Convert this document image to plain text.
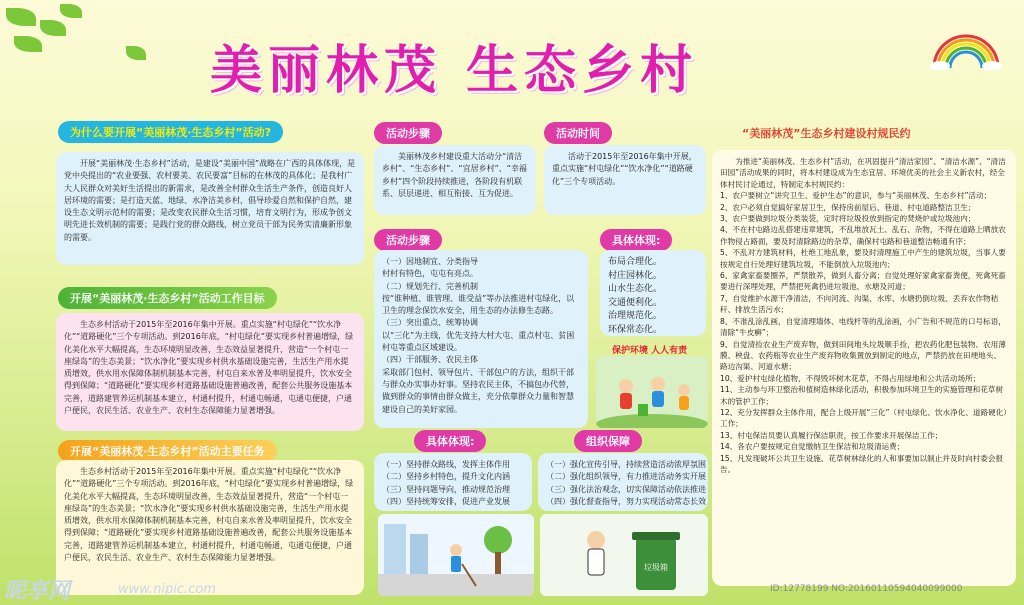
美丽林茂 生态乡村
为什么要开展“美丽林茂·生态乡村”活动?
开展“美丽林茂·生态乡村”活动，是建设“美丽中国”战略在广西的具体体现，是党中央提出的“农业要强、农村要美、农民要富”目标的在林茂的具体化；是我村广大人民群众对美好生活提出的新需求，是改善全村群众生活生产条件，创造良好人居环境的需要；是打造天蓝、地绿、水净洁美乡村，倡导珍爱自然和保护自然，建设生态文明示范村的需要；是改变农民群众生活习惯，培育文明行为，形成争创文明先进长效机制的需要；是践行党的群众路线，树立党员干部为民务实清廉新形象的需要。
开展“美丽林茂·生态乡村”活动工作目标
生态乡村活动于2015年至2016年集中开展。重点实施“村屯绿化”“饮水净化”“道路硬化”三个专项活动。到2016年底，“村屯绿化”要实现乡村普遍增绿，绿化美化水平大幅提高，生态环境明显改善，生态效益显著提升，营造“一个村屯一座绿岛”的生态美景；“饮水净化”要实现乡村供水基础设施完善，生活生产用水提质增效，供水用水保障体制机制基本完善，村屯自来水普及率明显提升，饮水安全得到保障；“道路硬化”要实现乡村道路基础设施普遍改善，配套公共服务设施基本完善，道路建管养运机制基本建立，村通村提升，村通屯畅通，屯通屯便捷，户通户便民，农民生活、农业生产、农村生态保障能力显著增强。
开展“美丽林茂·生态乡村”活动主要任务
生态乡村活动于2015年至2016年集中开展。重点实施“村屯绿化”“饮水净化”“道路硬化”三个专项活动。到2016年底，“村屯绿化”要实现乡村普遍增绿，绿化美化水平大幅提高，生态环境明显改善，生态效益显著提升，营造“一个村屯一座绿岛”的生态美景；“饮水净化”要实现乡村供水基础设施完善，生活生产用水提质增效，供水用水保障体制机制基本完善，村屯自来水普及率明显提升，饮水安全得到保障；“道路硬化”要实现乡村道路基础设施普遍改善，配套公共服务设施基本完善，道路建管养运机制基本建立，村通村提升，村通屯畅通，屯通屯便捷，户通户便民，农民生活、农业生产、农村生态保障能力显著增强。
活动步骤
美丽林茂乡村建设重大活动分“清洁乡村”、“生态乡村”、“宜居乡村”、“幸福乡村”四个阶段持续推进，各阶段有机联系、层层递进、相互衔接、互为促进。
活动时间
活动于2015年至2016年集中开展，重点实施“村屯绿化”“饮水净化”“道路硬化”三个专项活动。
活动步骤
（一）因地制宜、分类指导
村村有特色，屯屯有亮点。
（二）规划先行、完善机制
按“谁种植、谁管理、谁受益”等办法推进村屯绿化，以卫生的理念保饮水安全，用生态的办法修生态路。
（三）突出重点、统筹协调
以“三化”为主线，优先支持大村大屯、重点村屯、贫困村屯等重点区域建设。
（四）干部服务、农民主体
采取部门包村、领导包片、干部包户的方法，组织干部与群众办实事办好事。坚持农民主体，不搞包办代替，做到群众的事情由群众做主，充分依靠群众力量和智慧建设自己的美好家园。
具体体现:
布局合理化。
村庄园林化。
山水生态化。
交通便利化。
治理规范化。
环保常态化。
保护环境 人人有责
具体体现:
（一）坚持群众路线，发挥主体作用
（二）坚持乡村特色，提升文化内涵
（三）坚持问题导向，推动规范治理
（四）坚持统筹安排，促进产业发展
组织保障
（一）强化宣传引导，持续营造活动浓厚氛围
（二）强化组织领导，有力推进活动务实开展
（三）强化法治观念，切实保障活动依法推进
（四）强化督查指导，努力实现活动常态长效
垃圾箱
“美丽林茂”生态乡村建设村规民约
为推进“美丽林茂、生态乡村”活动，在巩固提升“清洁家园”、“清洁水源”、“清洁田园”活动成果的同时，将本村建设成为生态宜居、环境优美的社会主义新农村，经全体村民讨论通过，特制定本村规民约：
1、农户要树立“讲究卫生、爱护生态”的意识，参与“美丽林茂、生态乡村”活动；
2、农户必须自觉搞好家居卫生，保持房前屋后、巷道、村屯道路整洁卫生；
3、农户要做到垃圾分类装袋，定时将垃圾投放到指定的焚烧炉或垃圾池内；
4、不在村屯路边乱搭建违章建筑，不乱堆放瓦土、乱石、杂物，不得在道路上晒放农作物侵占路面，要及时清除路边的杂草，确保村屯路和巷道整洁畅通有序；
5、不乱对方建筑材料，杜绝工地乱象，要及时清理施工中产生的建筑垃圾，当事人要按规定自行处理好建筑垃圾，不能倒放入垃圾池内；
6、家禽家畜要圈养，严禁散养，做到人畜分离；自觉处理好家禽家畜粪便，死禽死畜要进行深埋处理，严禁把死禽扔进垃圾池、水塘及河道；
7、自觉维护水源干净清洁，不向河流、沟渠、水库、水塘扔倒垃圾、丢弃农作物秸秆、排放生活污水；
8、不准乱涂乱画，自觉清理墙体、电线杆等的乱涂画，小广告和不规范的口号标语，清除“牛皮癣”；
9、自觉清捡农业生产废弃物，做到田间地头垃圾顺手捡，把农药化肥包装物、农用薄膜、秧盘、农药瓶等农业生产废弃物收集置放到制定的地点，严禁扔放在田埂地头、路边沟渠、河道水塘；
10、爱护村屯绿化植物，不得毁坏树木花草，不得占用绿地和公共活动场所；
11、主动参与环卫整治和植树造林绿化活动，积极参加环境卫生的实施管理和花草树木的管护工作；
12、充分发挥群众主体作用，配合上级开展“三化”（村屯绿化、饮水净化、道路硬化）工作；
13、村屯保洁员要认真履行保洁职责，按工作要求开展保洁工作；
14、各农户要按规定自觉缴纳卫生保洁和垃圾清运费；
15、凡发现破坏公共卫生设施、花草树林绿化的人和事要加以制止并及时向村委会报告。
昵享网	www.nipic.com	ID:12778199 NO:20160110594040099000
